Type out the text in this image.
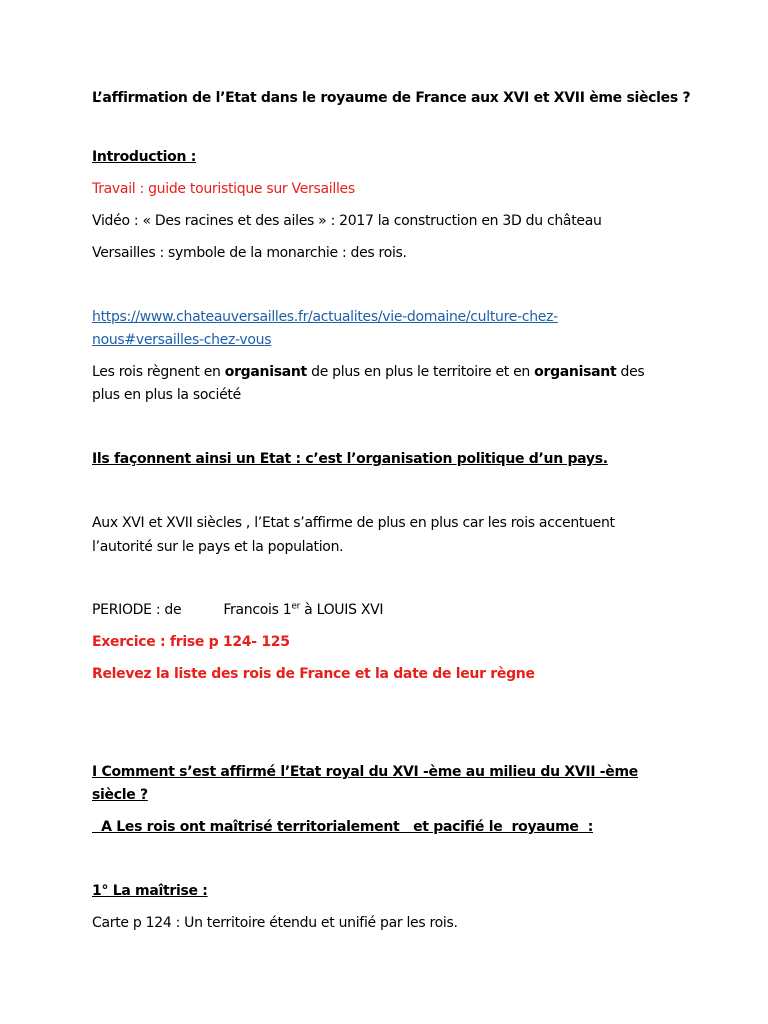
L’affirmation de l’Etat dans le royaume de France aux XVI et XVII ème siècles ?
Introduction :
Travail : guide touristique sur Versailles
Vidéo : « Des racines et des ailes » : 2017 la construction en 3D du château
Versailles : symbole de la monarchie : des rois.
https://www.chateauversailles.fr/actualites/vie-domaine/culture-chez-
nous#versailles-chez-vous
Les rois règnent en organisant de plus en plus le territoire et en organisant des
plus en plus la société
Ils façonnent ainsi un Etat : c’est l’organisation politique d’un pays.
Aux XVI et XVII siècles , l’Etat s’affirme de plus en plus car les rois accentuent
l’autorité sur le pays et la population.
PERIODE : de	Francois 1er à LOUIS XVI
Exercice : frise p 124- 125
Relevez la liste des rois de France et la date de leur règne
I Comment s’est affirmé l’Etat royal du XVI -ème au milieu du XVII -ème
siècle ?
A Les rois ont maîtrisé territorialement   et pacifié le  royaume  :
1° La maîtrise :
Carte p 124 : Un territoire étendu et unifié par les rois.
